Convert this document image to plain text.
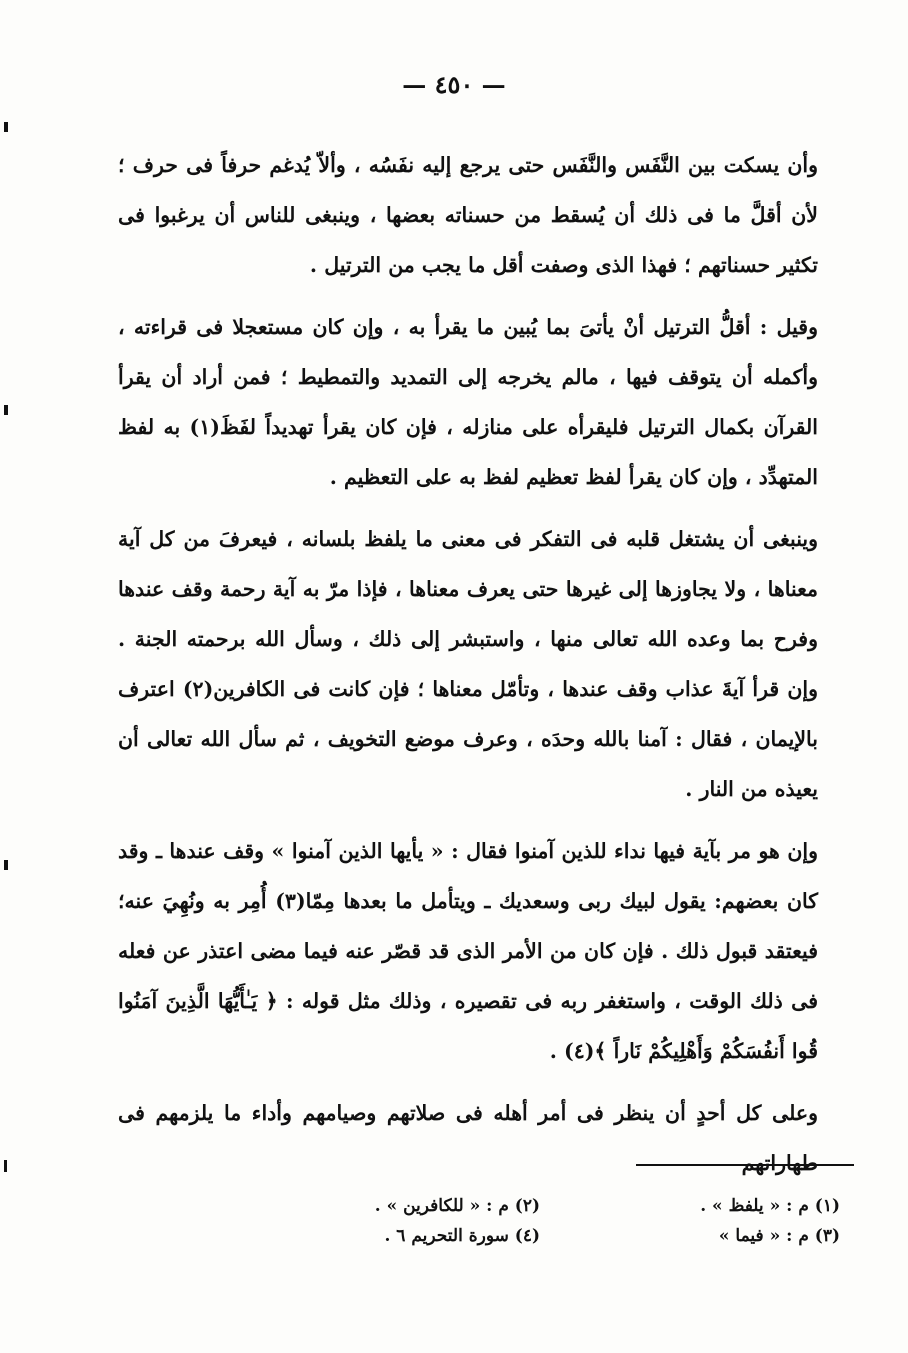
— ٤٥٠ —

وأن يسكت بين النَّفَس والنَّفَس حتى يرجع إليه نفَسُه ، وألاّ يُدغم حرفاً فى حرف ؛ لأن أقلَّ ما فى ذلك أن يُسقط من حسناته بعضها ، وينبغى للناس أن يرغبوا فى تكثير حسناتهم ؛ فهذا الذى وصفت أقل ما يجب من الترتيل .

وقيل : أقلُّ الترتيل أنْ يأتىَ بما يُبين ما يقرأ به ، وإن كان مستعجلا فى قراءته ، وأكمله أن يتوقف فيها ، مالم يخرجه إلى التمديد والتمطيط ؛ فمن أراد أن يقرأ القرآن بكمال الترتيل فليقرأه على منازله ، فإن كان يقرأ تهديداً لفَظَ(١) به لفظ المتهدِّد ، وإن كان يقرأ لفظ تعظيم لفظ به على التعظيم .

وينبغى أن يشتغل قلبه فى التفكر فى معنى ما يلفظ بلسانه ، فيعرفَ من كل آية معناها ، ولا يجاوزها إلى غيرها حتى يعرف معناها ، فإذا مرّ به آية رحمة وقف عندها وفرح بما وعده الله تعالى منها ، واستبشر إلى ذلك ، وسأل الله برحمته الجنة . وإن قرأ آيةَ عذاب وقف عندها ، وتأمّل معناها ؛ فإن كانت فى الكافرين(٢) اعترف بالإيمان ، فقال : آمنا بالله وحدَه ، وعرف موضع التخويف ، ثم سأل الله تعالى أن يعيذه من النار .

وإن هو مر بآية فيها نداء للذين آمنوا فقال : « يأيها الذين آمنوا » وقف عندها ـ وقد كان بعضهم: يقول لبيك ربى وسعديك ـ ويتأمل ما بعدها مِمّا(٣) أُمِر به ونُهِيَ عنه؛ فيعتقد قبول ذلك . فإن كان من الأمر الذى قد قصّر عنه فيما مضى اعتذر عن فعله فى ذلك الوقت ، واستغفر ربه فى تقصيره ، وذلك مثل قوله : ﴿ يَـٰأَيُّهَا الَّذِينَ آمَنُوا قُوا أَنفُسَكُمْ وَأَهْلِيكُمْ نَاراً ﴾(٤) .

وعلى كل أحدٍ أن ينظر فى أمر أهله فى صلاتهم وصيامهم وأداء ما يلزمهم فى طهاراتهم

(١) م : « يلفظ » .
(٢) م : « للكافرين » .
(٣) م : « فيما »
(٤) سورة التحريم ٦ .
